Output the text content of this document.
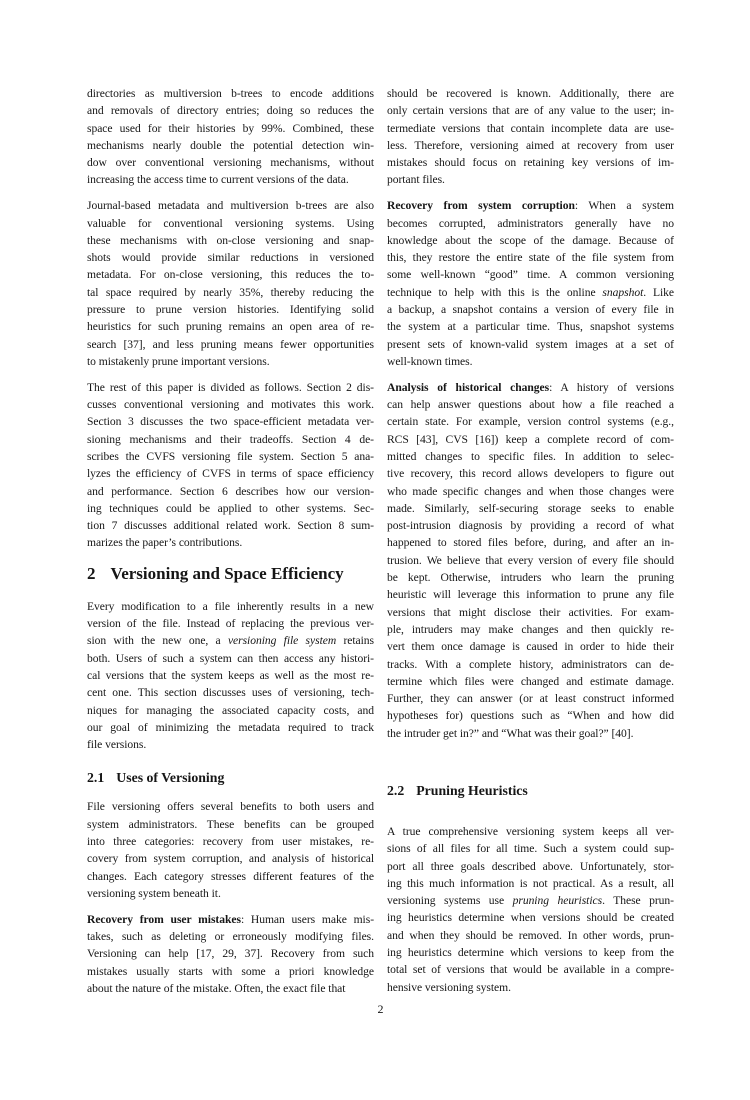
directories as multiversion b-trees to encode additions
and removals of directory entries; doing so reduces the
space used for their histories by 99%. Combined, these
mechanisms nearly double the potential detection win-
dow over conventional versioning mechanisms, without
increasing the access time to current versions of the data.
Journal-based metadata and multiversion b-trees are also
valuable for conventional versioning systems. Using
these mechanisms with on-close versioning and snap-
shots would provide similar reductions in versioned
metadata. For on-close versioning, this reduces the to-
tal space required by nearly 35%, thereby reducing the
pressure to prune version histories. Identifying solid
heuristics for such pruning remains an open area of re-
search [37], and less pruning means fewer opportunities
to mistakenly prune important versions.
The rest of this paper is divided as follows. Section 2 dis-
cusses conventional versioning and motivates this work.
Section 3 discusses the two space-efficient metadata ver-
sioning mechanisms and their tradeoffs. Section 4 de-
scribes the CVFS versioning file system. Section 5 ana-
lyzes the efficiency of CVFS in terms of space efficiency
and performance. Section 6 describes how our version-
ing techniques could be applied to other systems. Sec-
tion 7 discusses additional related work. Section 8 sum-
marizes the paper’s contributions.
2 Versioning and Space Efficiency
Every modification to a file inherently results in a new
version of the file. Instead of replacing the previous ver-
sion with the new one, a versioning file system retains
both. Users of such a system can then access any histori-
cal versions that the system keeps as well as the most re-
cent one. This section discusses uses of versioning, tech-
niques for managing the associated capacity costs, and
our goal of minimizing the metadata required to track
file versions.
2.1 Uses of Versioning
File versioning offers several benefits to both users and
system administrators. These benefits can be grouped
into three categories: recovery from user mistakes, re-
covery from system corruption, and analysis of historical
changes. Each category stresses different features of the
versioning system beneath it.
Recovery from user mistakes: Human users make mis-
takes, such as deleting or erroneously modifying files.
Versioning can help [17, 29, 37]. Recovery from such
mistakes usually starts with some a priori knowledge
about the nature of the mistake. Often, the exact file that
should be recovered is known. Additionally, there are
only certain versions that are of any value to the user; in-
termediate versions that contain incomplete data are use-
less. Therefore, versioning aimed at recovery from user
mistakes should focus on retaining key versions of im-
portant files.
Recovery from system corruption: When a system
becomes corrupted, administrators generally have no
knowledge about the scope of the damage. Because of
this, they restore the entire state of the file system from
some well-known “good” time. A common versioning
technique to help with this is the online snapshot. Like
a backup, a snapshot contains a version of every file in
the system at a particular time. Thus, snapshot systems
present sets of known-valid system images at a set of
well-known times.
Analysis of historical changes: A history of versions
can help answer questions about how a file reached a
certain state. For example, version control systems (e.g.,
RCS [43], CVS [16]) keep a complete record of com-
mitted changes to specific files. In addition to selec-
tive recovery, this record allows developers to figure out
who made specific changes and when those changes were
made. Similarly, self-securing storage seeks to enable
post-intrusion diagnosis by providing a record of what
happened to stored files before, during, and after an in-
trusion. We believe that every version of every file should
be kept. Otherwise, intruders who learn the pruning
heuristic will leverage this information to prune any file
versions that might disclose their activities. For exam-
ple, intruders may make changes and then quickly re-
vert them once damage is caused in order to hide their
tracks. With a complete history, administrators can de-
termine which files were changed and estimate damage.
Further, they can answer (or at least construct informed
hypotheses for) questions such as “When and how did
the intruder get in?” and “What was their goal?” [40].
2.2 Pruning Heuristics
A true comprehensive versioning system keeps all ver-
sions of all files for all time. Such a system could sup-
port all three goals described above. Unfortunately, stor-
ing this much information is not practical. As a result, all
versioning systems use pruning heuristics. These prun-
ing heuristics determine when versions should be created
and when they should be removed. In other words, prun-
ing heuristics determine which versions to keep from the
total set of versions that would be available in a compre-
hensive versioning system.
2
